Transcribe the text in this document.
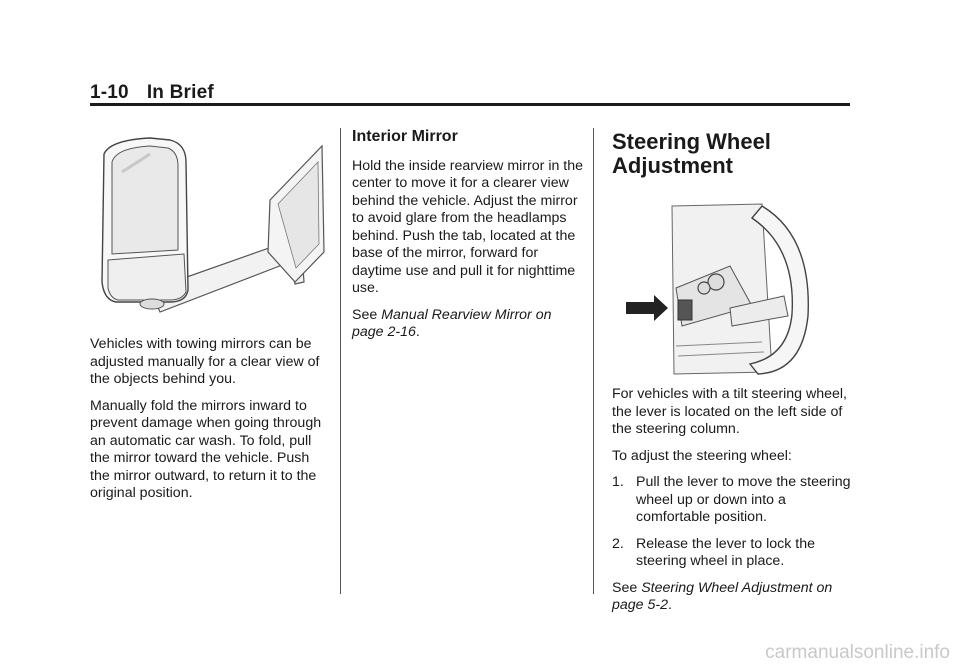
1-10 In Brief

Vehicles with towing mirrors can be adjusted manually for a clear view of the objects behind you.

Manually fold the mirrors inward to prevent damage when going through an automatic car wash. To fold, pull the mirror toward the vehicle. Push the mirror outward, to return it to the original position.

Interior Mirror

Hold the inside rearview mirror in the center to move it for a clearer view behind the vehicle. Adjust the mirror to avoid glare from the headlamps behind. Push the tab, located at the base of the mirror, forward for daytime use and pull it for nighttime use.

See Manual Rearview Mirror on page 2-16.

Steering Wheel Adjustment

For vehicles with a tilt steering wheel, the lever is located on the left side of the steering column.

To adjust the steering wheel:

1. Pull the lever to move the steering wheel up or down into a comfortable position.
2. Release the lever to lock the steering wheel in place.

See Steering Wheel Adjustment on page 5-2.

carmanualsonline.info
